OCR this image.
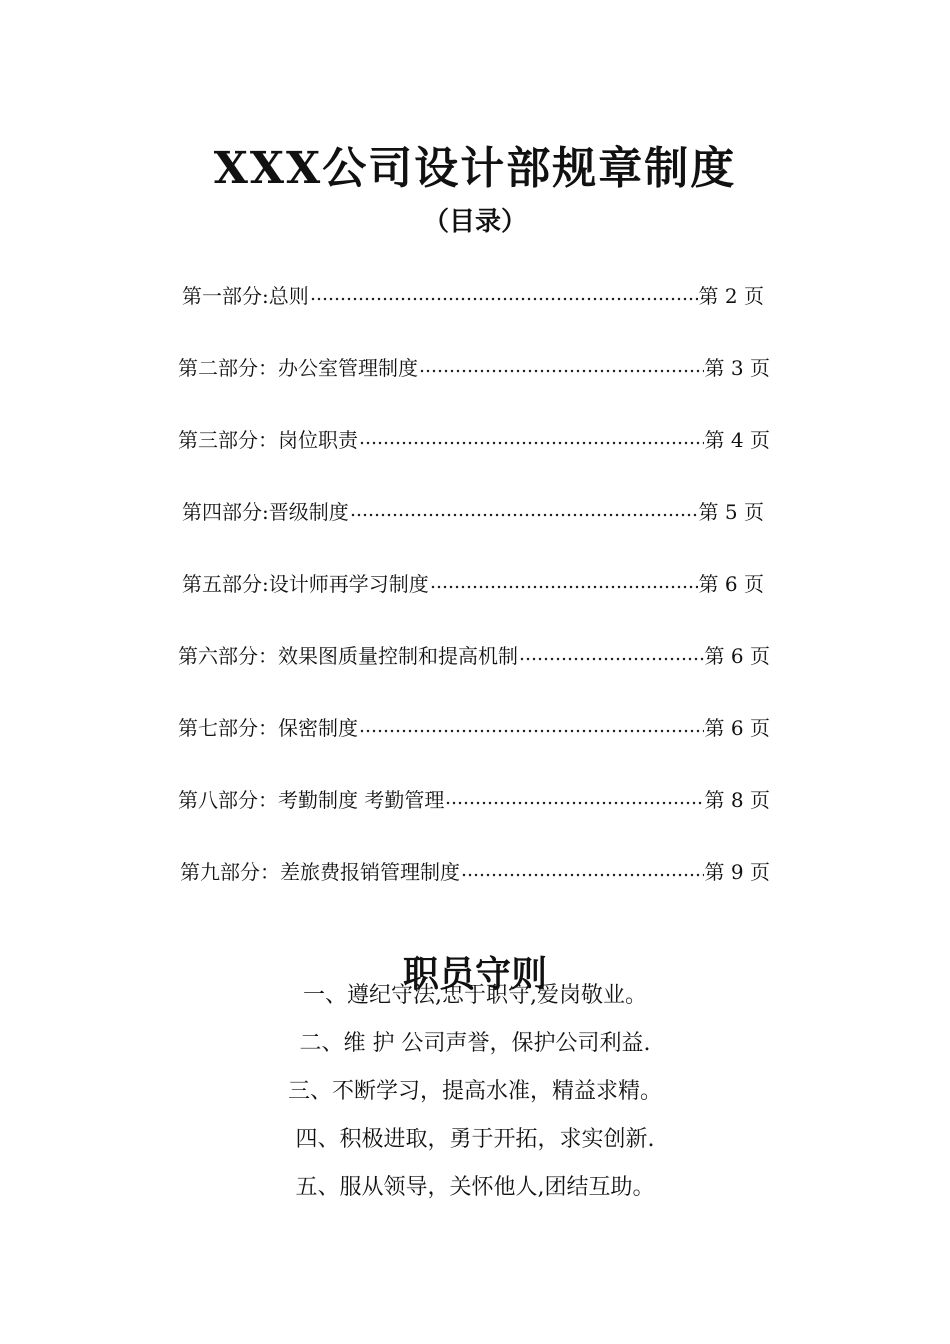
XXX公司设计部规章制度
（目录）
第一部分:总则	第 2 页
第二部分：办公室管理制度	第 3 页
第三部分：岗位职责	第 4 页
第四部分:晋级制度	第 5 页
第五部分:设计师再学习制度	第 6 页
第六部分：效果图质量控制和提高机制	第 6 页
第七部分：保密制度	第 6 页
第八部分：考勤制度 考勤管理	第 8 页
第九部分：差旅费报销管理制度	第 9 页
职员守则
一、遵纪守法,忠于职守,爱岗敬业。
二、维 护 公司声誉，保护公司利益.
三、不断学习，提高水准，精益求精。
四、积极进取，勇于开拓，求实创新.
五、服从领导，关怀他人,团结互助。
